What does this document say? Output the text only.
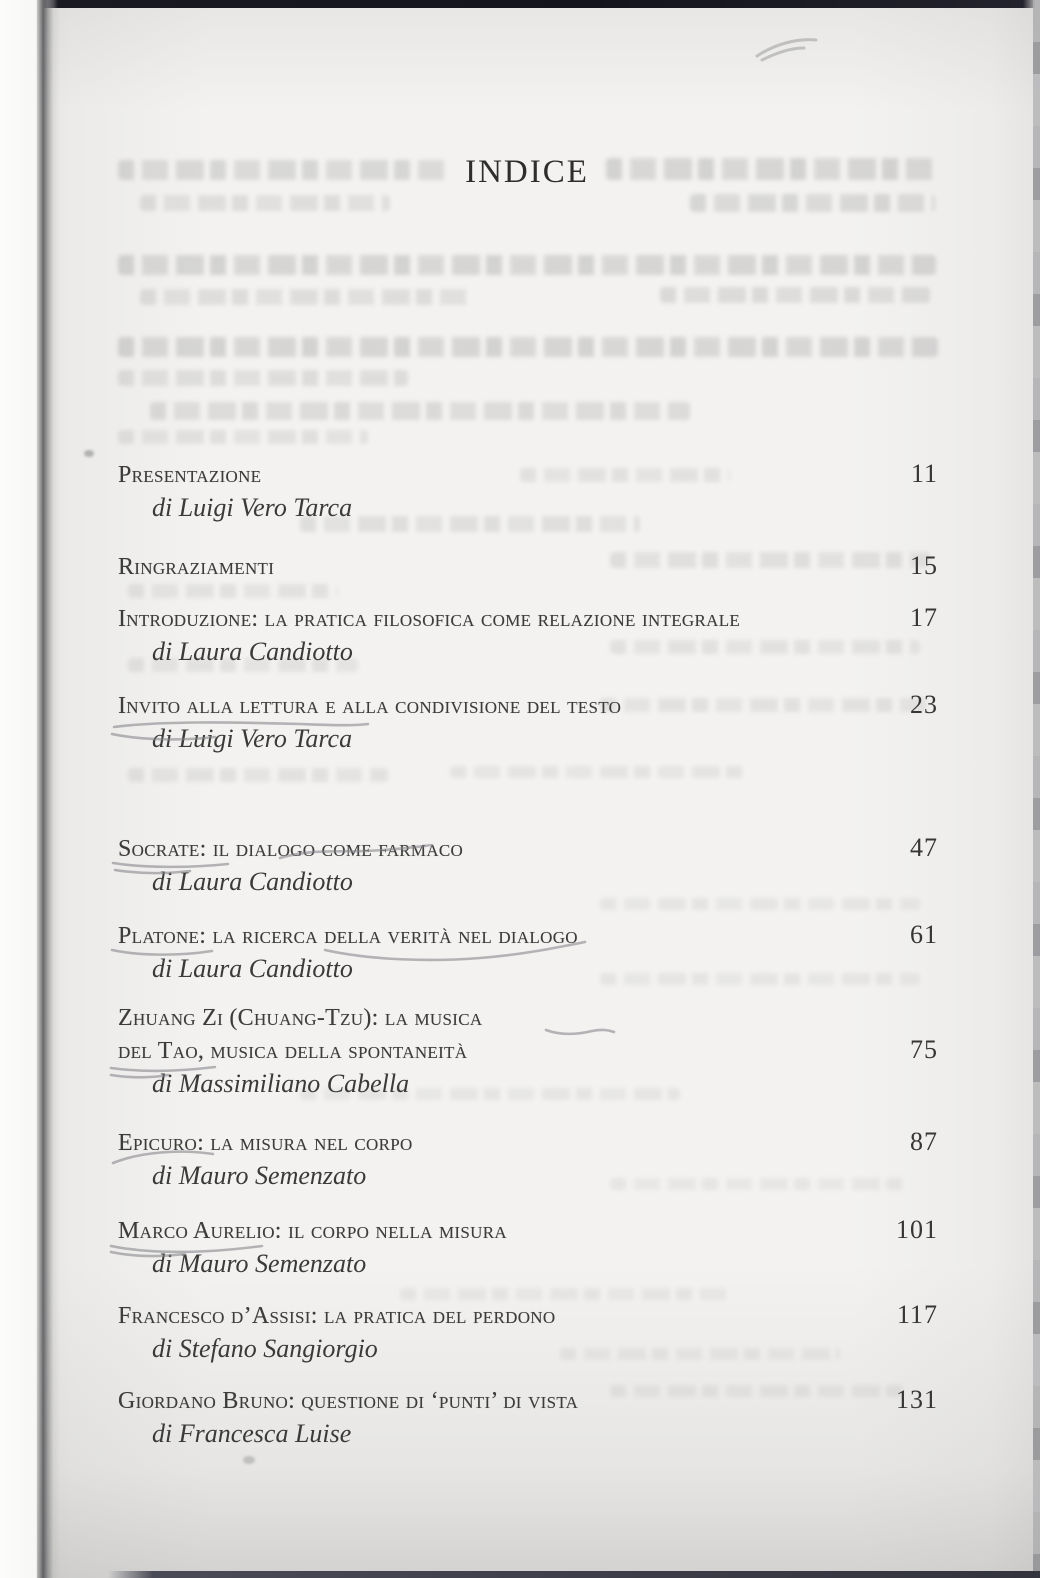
INDICE
Presentazione	11
di Luigi Vero Tarca
Ringraziamenti	15
Introduzione: la pratica filosofica come relazione integrale	17
di Laura Candiotto
Invito alla lettura e alla condivisione del testo	23
di Luigi Vero Tarca
Socrate: il dialogo come farmaco	47
di Laura Candiotto
Platone: la ricerca della verità nel dialogo	61
di Laura Candiotto
Zhuang Zi (Chuang-Tzu): la musica
del Tao, musica della spontaneità	75
di Massimiliano Cabella
Epicuro: la misura nel corpo	87
di Mauro Semenzato
Marco Aurelio: il corpo nella misura	101
di Mauro Semenzato
Francesco d’Assisi: la pratica del perdono	117
di Stefano Sangiorgio
Giordano Bruno: questione di ‘punti’ di vista	131
di Francesca Luise
